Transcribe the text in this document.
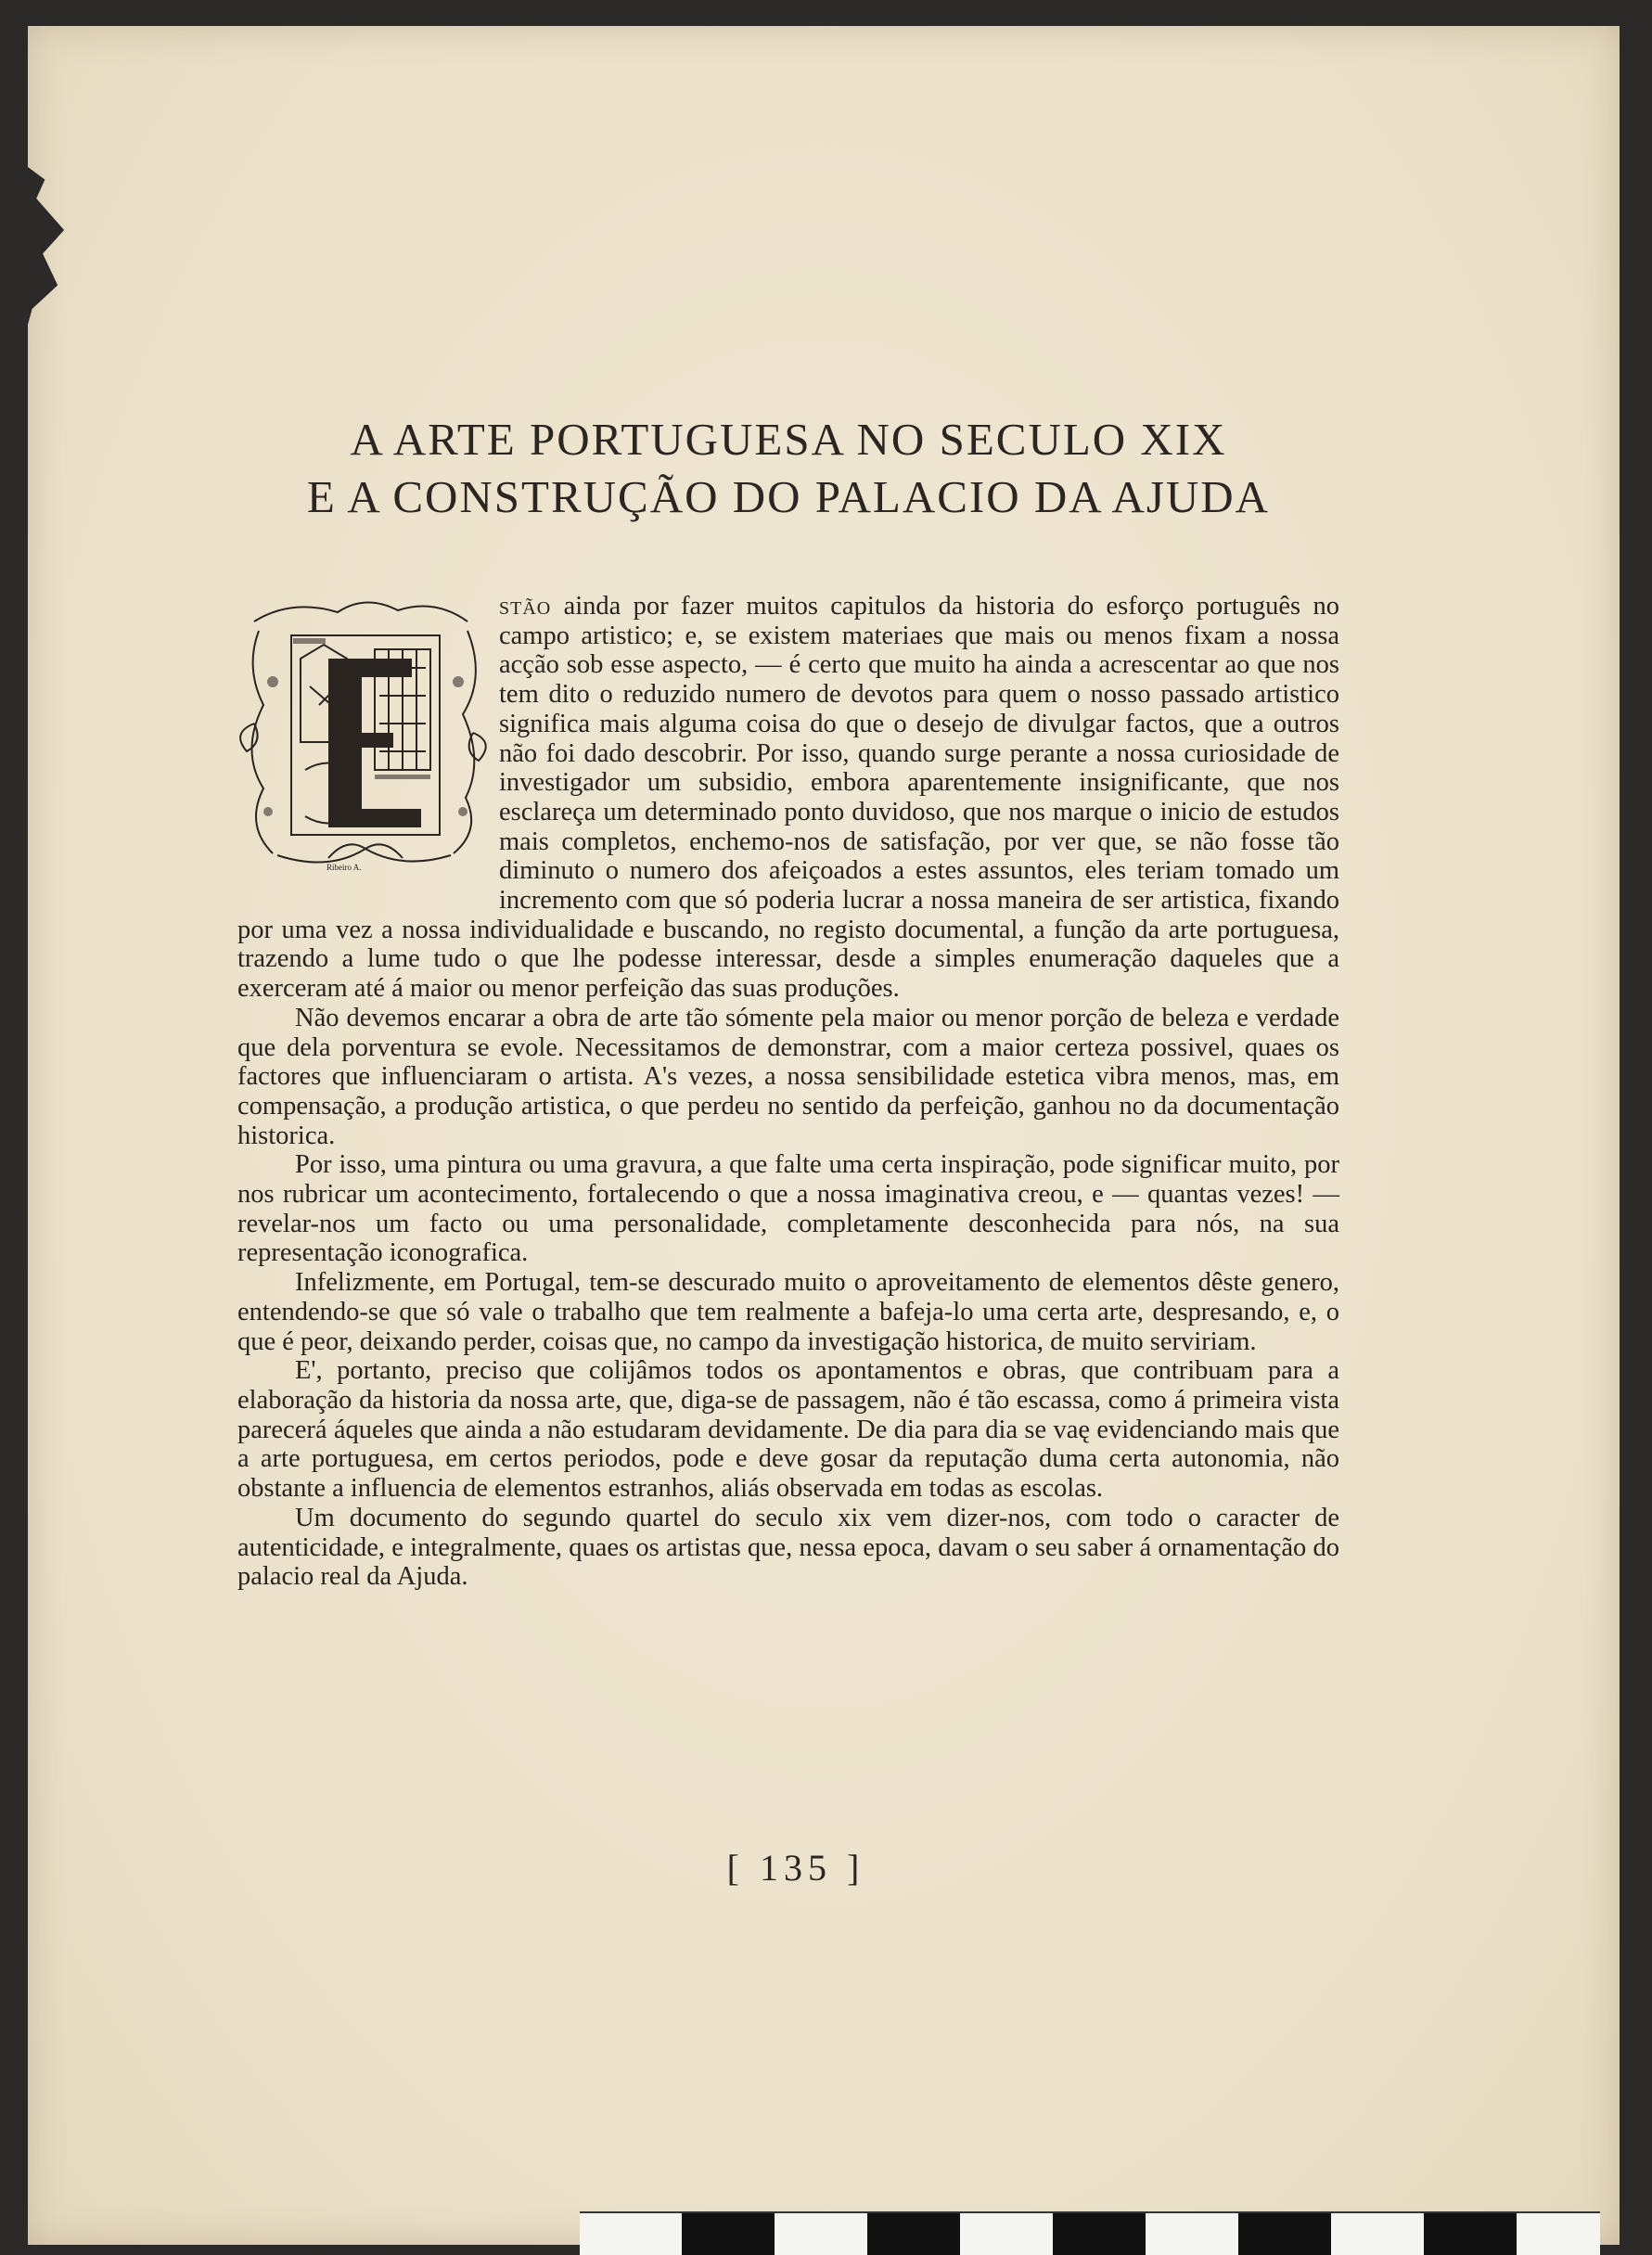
A ARTE PORTUGUESA NO SECULO XIX
E A CONSTRUÇÃO DO PALACIO DA AJUDA
Ribeiro A.

stão ainda por fazer muitos capitulos da historia do esforço português no campo artistico; e, se existem materiaes que mais ou menos fixam a nossa acção sob esse aspecto, — é certo que muito ha ainda a acrescentar ao que nos tem dito o reduzido numero de devotos para quem o nosso passado artistico significa mais alguma coisa do que o desejo de divulgar factos, que a outros não foi dado descobrir. Por isso, quando surge perante a nossa curiosidade de investigador um subsidio, embora aparentemente insignificante, que nos esclareça um determinado ponto duvidoso, que nos marque o inicio de estudos mais completos, enchemo-nos de satisfação, por ver que, se não fosse tão diminuto o numero dos afeiçoados a estes assuntos, eles teriam tomado um incremento com que só poderia lucrar a nossa maneira de ser artistica, fixando por uma vez a nossa individualidade e buscando, no registo documental, a função da arte portuguesa, trazendo a lume tudo o que lhe podesse interessar, desde a simples enumeração daqueles que a exerceram até á maior ou menor perfeição das suas produções.

Não devemos encarar a obra de arte tão sómente pela maior ou menor porção de beleza e verdade que dela porventura se evole. Necessitamos de demonstrar, com a maior certeza possivel, quaes os factores que influenciaram o artista. A's vezes, a nossa sensibilidade estetica vibra menos, mas, em compensação, a produção artistica, o que perdeu no sentido da perfeição, ganhou no da documentação historica.

Por isso, uma pintura ou uma gravura, a que falte uma certa inspiração, pode significar muito, por nos rubricar um acontecimento, fortalecendo o que a nossa imaginativa creou, e — quantas vezes! — revelar-nos um facto ou uma personalidade, completamente desconhecida para nós, na sua representação iconografica.

Infelizmente, em Portugal, tem-se descurado muito o aproveitamento de elementos dêste genero, entendendo-se que só vale o trabalho que tem realmente a bafeja-lo uma certa arte, despresando, e, o que é peor, deixando perder, coisas que, no campo da investigação historica, de muito serviriam.

E', portanto, preciso que colijâmos todos os apontamentos e obras, que contribuam para a elaboração da historia da nossa arte, que, diga-se de passagem, não é tão escassa, como á primeira vista parecerá áqueles que ainda a não estudaram devidamente. De dia para dia se vaę evidenciando mais que a arte portuguesa, em certos periodos, pode e deve gosar da reputação duma certa autonomia, não obstante a influencia de elementos estranhos, aliás observada em todas as escolas.

Um documento do segundo quartel do seculo xix vem dizer-nos, com todo o caracter de autenticidade, e integralmente, quaes os artistas que, nessa epoca, davam o seu saber á ornamentação do palacio real da Ajuda.

[ 135 ]
